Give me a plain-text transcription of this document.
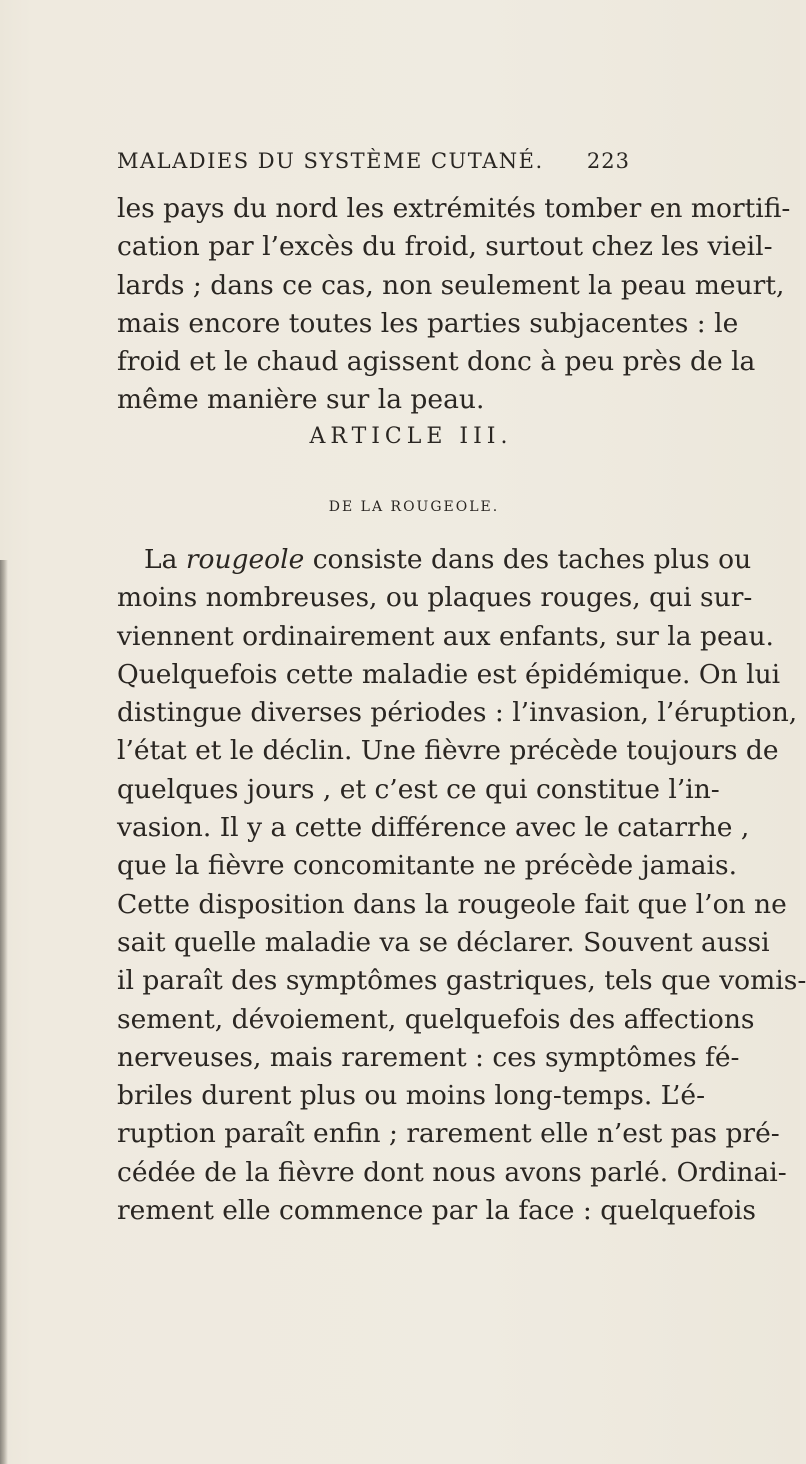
MALADIES DU SYSTÈME CUTANÉ. 223
les pays du nord les extrémités tomber en mortifi-
cation par l’excès du froid, surtout chez les vieil-
lards ; dans ce cas, non seulement la peau meurt,
mais encore toutes les parties subjacentes : le
froid et le chaud agissent donc à peu près de la
même manière sur la peau.
ARTICLE III.
DE LA ROUGEOLE.
La rougeole consiste dans des taches plus ou
moins nombreuses, ou plaques rouges, qui sur-
viennent ordinairement aux enfants, sur la peau.
Quelquefois cette maladie est épidémique. On lui
distingue diverses périodes : l’invasion, l’éruption,
l’état et le déclin. Une fièvre précède toujours de
quelques jours , et c’est ce qui constitue l’in-
vasion. Il y a cette différence avec le catarrhe ,
que la fièvre concomitante ne précède jamais.
Cette disposition dans la rougeole fait que l’on ne
sait quelle maladie va se déclarer. Souvent aussi
il paraît des symptômes gastriques, tels que vomis-
sement, dévoiement, quelquefois des affections
nerveuses, mais rarement : ces symptômes fé-
briles durent plus ou moins long-temps. L’é-
ruption paraît enfin ; rarement elle n’est pas pré-
cédée de la fièvre dont nous avons parlé. Ordinai-
rement elle commence par la face : quelquefois
